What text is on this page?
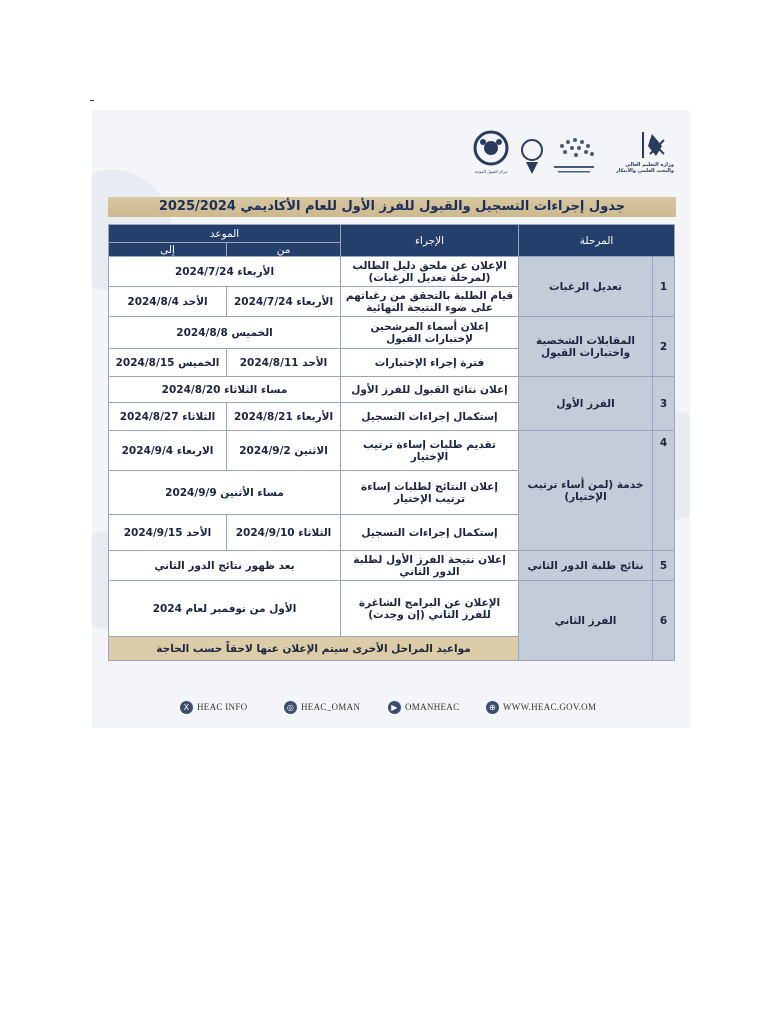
مركز القبول الموحد
وزارة التعليم العالي والبحث العلمي والابتكار
جدول إجراءات التسجيل والقبول للفرز الأول للعام الأكاديمي 2025/2024
المرحلة		الإجراء	الموعد	
			من	إلى
1	تعديل الرغبات	الإعلان عن ملحق دليل الطالب (لمرحلة تعديل الرغبات)	الأربعاء 2024/7/24	
		قيام الطلبة بالتحقق من رغباتهم على ضوء النتيجة النهائية	الأربعاء 2024/7/24	الأحد 2024/8/4
2	المقابلات الشخصية واختبارات القبول	إعلان أسماء المرشحين لإختبارات القبول	الخميس 2024/8/8	
		فترة إجراء الإختبارات	الأحد 2024/8/11	الخميس 2024/8/15
3	الفرز الأول	إعلان نتائج القبول للفرز الأول	مساء الثلاثاء 2024/8/20	
		إستكمال إجراءات التسجيل	الأربعاء 2024/8/21	الثلاثاء 2024/8/27
4	خدمة (لمن أساء ترتيب الإختيار)	تقديم طلبات إساءة ترتيب الإختيار	الاثنين 2024/9/2	الاربعاء 2024/9/4
		إعلان النتائج لطلبات إساءة ترتيب الإختيار	مساء الأثنين 2024/9/9	
		إستكمال إجراءات التسجيل	الثلاثاء 2024/9/10	الأحد 2024/9/15
5	نتائج طلبة الدور الثاني	إعلان نتيجة الفرز الأول لطلبة الدور الثاني	بعد ظهور نتائج الدور الثاني	
6	الفرز الثاني	الإعلان عن البرامج الشاغرة للفرز الثاني (إن وجدت)	الأول من نوفمبر لعام 2024	
		مواعيد المراحل الأخرى سيتم الإعلان عنها لاحقاً حسب الحاجة		
X HEAC INFO	◎ HEAC_OMAN	▶ OMANHEAC	⊕ WWW.HEAC.GOV.OM
